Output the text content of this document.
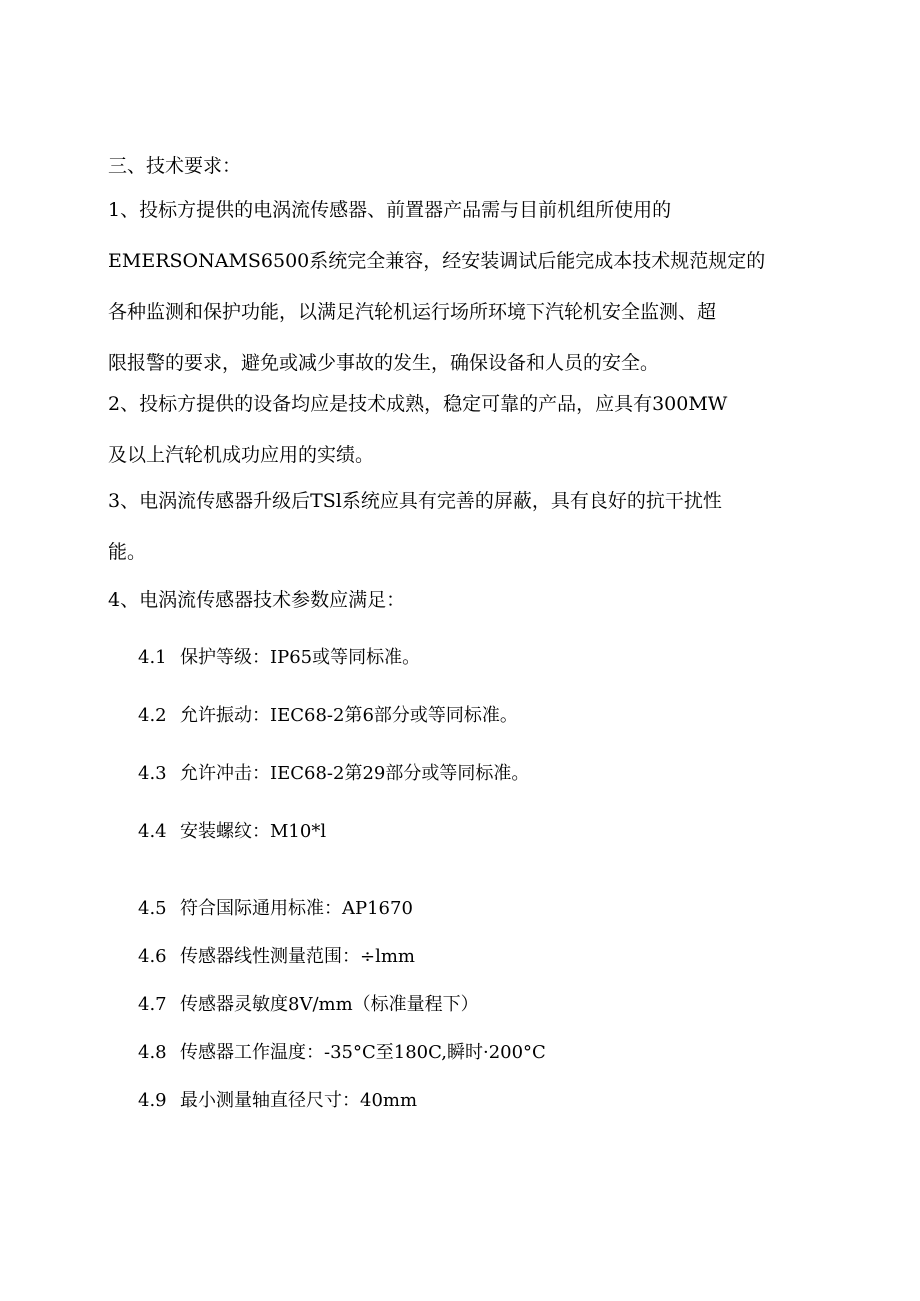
三、技术要求：

1、投标方提供的电涡流传感器、前置器产品需与目前机组所使用的
EMERSONAMS6500系统完全兼容，经安装调试后能完成本技术规范规定的
各种监测和保护功能，以满足汽轮机运行场所环境下汽轮机安全监测、超
限报警的要求，避免或减少事故的发生，确保设备和人员的安全。

2、投标方提供的设备均应是技术成熟，稳定可靠的产品，应具有300MW
及以上汽轮机成功应用的实绩。

3、电涡流传感器升级后TSl系统应具有完善的屏蔽，具有良好的抗干扰性
能。

4、电涡流传感器技术参数应满足：

4.1 保护等级：IP65或等同标准。
4.2 允许振动：IEC68-2第6部分或等同标准。
4.3 允许冲击：IEC68-2第29部分或等同标准。
4.4 安装螺纹：M10*l
4.5 符合国际通用标准：AP1670
4.6 传感器线性测量范围：÷lmm
4.7 传感器灵敏度8V∕mm（标准量程下）
4.8 传感器工作温度：-35°C至180C,瞬时·200°C
4.9 最小测量轴直径尺寸：40mm
